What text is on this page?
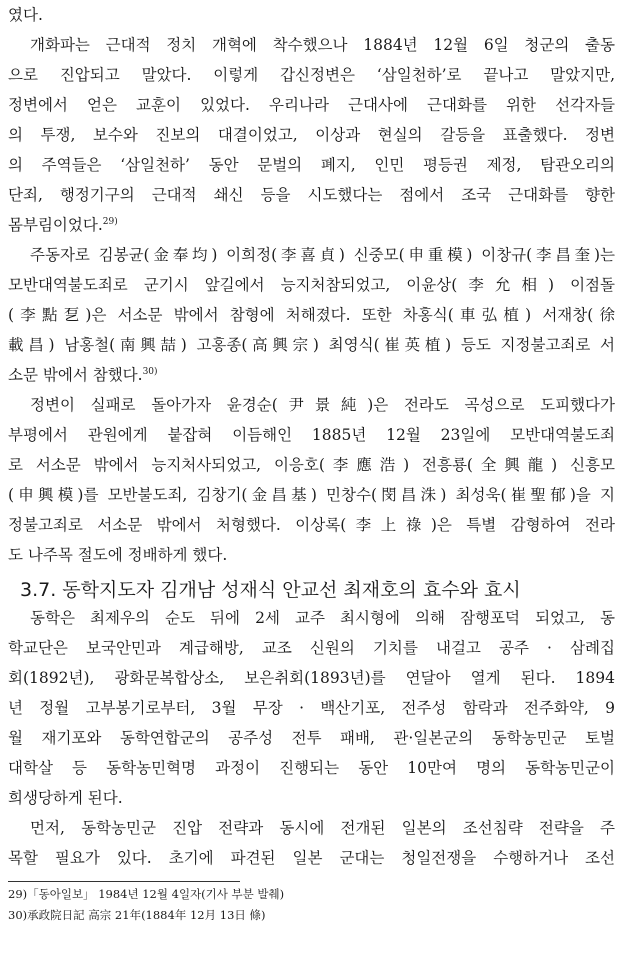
였다.
개화파는 근대적 정치 개혁에 착수했으나 1884년 12월 6일 청군의 출동
으로 진압되고 말았다. 이렇게 갑신정변은 ‘삼일천하’로 끝나고 말았지만,
정변에서 얻은 교훈이 있었다. 우리나라 근대사에 근대화를 위한 선각자들
의 투쟁, 보수와 진보의 대결이었고, 이상과 현실의 갈등을 표출했다. 정변
의 주역들은 ‘삼일천하’ 동안 문벌의 폐지, 인민 평등권 제정, 탐관오리의
단죄, 행정기구의 근대적 쇄신 등을 시도했다는 점에서 조국 근대화를 향한
몸부림이었다.$^{29)}$
주동자로 김봉균(金奉均) 이희정(李喜貞) 신중모(申重模) 이창규(李昌奎)는
모반대역불도죄로 군기시 앞길에서 능지처참되었고, 이윤상(李允相) 이점돌
(李點乭)은 서소문 밖에서 참형에 처해졌다. 또한 차홍식(車弘植) 서재창(徐
載昌) 남홍철(南興喆) 고홍종(高興宗) 최영식(崔英植) 등도 지정불고죄로 서
소문 밖에서 참했다.$^{30)}$
정변이 실패로 돌아가자 윤경순(尹景純)은 전라도 곡성으로 도피했다가
부평에서 관원에게 붙잡혀 이듬해인 1885년 12월 23일에 모반대역불도죄
로 서소문 밖에서 능지처사되었고, 이응호(李應浩) 전흥룡(全興龍) 신흥모
(申興模)를 모반불도죄, 김창기(金昌基) 민창수(閔昌洙) 최성욱(崔聖郁)을 지
정불고죄로 서소문 밖에서 처형했다. 이상록(李上祿)은 특별 감형하여 전라
도 나주목 절도에 정배하게 했다.
3.7. 동학지도자 김개남 성재식 안교선 최재호의 효수와 효시
동학은 최제우의 순도 뒤에 2세 교주 최시형에 의해 잠행포덕 되었고, 동
학교단은 보국안민과 계급해방, 교조 신원의 기치를 내걸고 공주 · 삼례집
회(1892년), 광화문복합상소, 보은취회(1893년)를 연달아 열게 된다. 1894
년 정월 고부봉기로부터, 3월 무장 · 백산기포, 전주성 함락과 전주화약, 9
월 재기포와 동학연합군의 공주성 전투 패배, 관·일본군의 동학농민군 토벌
대학살 등 동학농민혁명 과정이 진행되는 동안 10만여 명의 동학농민군이
희생당하게 된다.
먼저, 동학농민군 진압 전략과 동시에 전개된 일본의 조선침략 전략을 주
목할 필요가 있다. 초기에 파견된 일본 군대는 청일전쟁을 수행하거나 조선
29)「동아일보」 1984년 12월 4일자(기사 부분 발췌)
30)承政院日記 高宗 21年(1884年 12月 13日 條)
